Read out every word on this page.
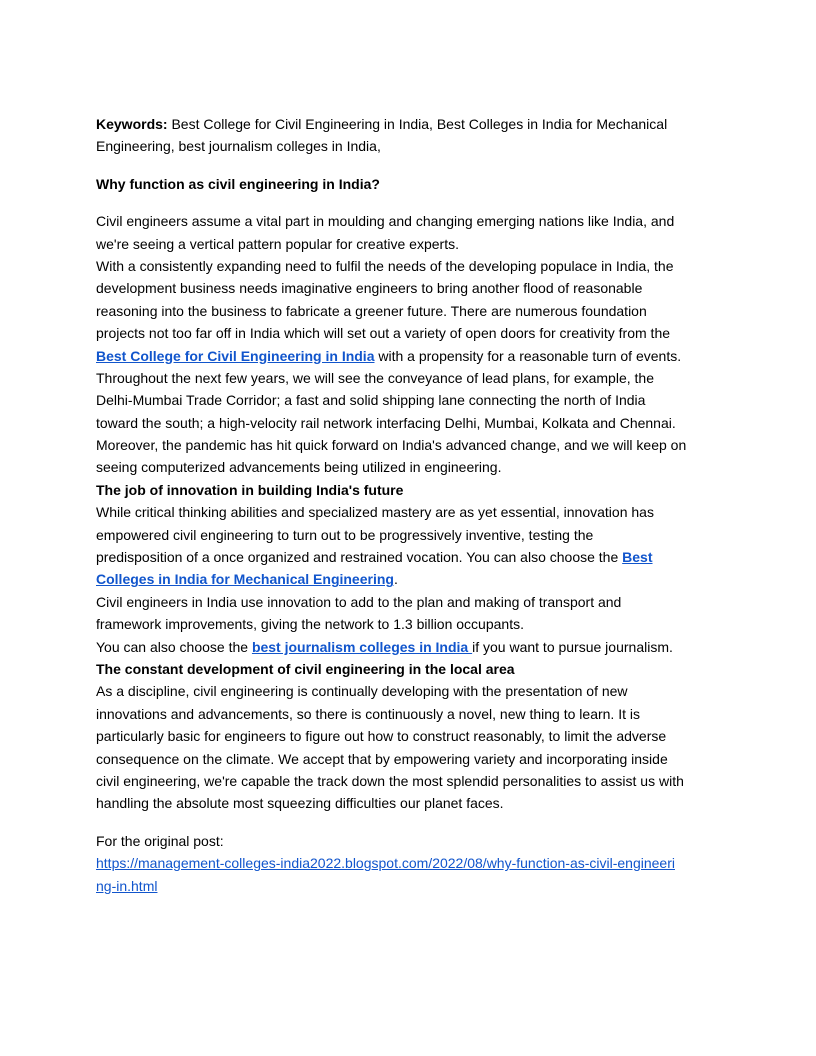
Keywords: Best College for Civil Engineering in India, Best Colleges in India for Mechanical
Engineering, best journalism colleges in India,
Why function as civil engineering in India?
Civil engineers assume a vital part in moulding and changing emerging nations like India, and
we're seeing a vertical pattern popular for creative experts.
With a consistently expanding need to fulfil the needs of the developing populace in India, the
development business needs imaginative engineers to bring another flood of reasonable
reasoning into the business to fabricate a greener future. There are numerous foundation
projects not too far off in India which will set out a variety of open doors for creativity from the
Best College for Civil Engineering in India with a propensity for a reasonable turn of events.
Throughout the next few years, we will see the conveyance of lead plans, for example, the
Delhi-Mumbai Trade Corridor; a fast and solid shipping lane connecting the north of India
toward the south; a high-velocity rail network interfacing Delhi, Mumbai, Kolkata and Chennai.
Moreover, the pandemic has hit quick forward on India's advanced change, and we will keep on
seeing computerized advancements being utilized in engineering.
The job of innovation in building India's future
While critical thinking abilities and specialized mastery are as yet essential, innovation has
empowered civil engineering to turn out to be progressively inventive, testing the
predisposition of a once organized and restrained vocation. You can also choose the Best
Colleges in India for Mechanical Engineering.
Civil engineers in India use innovation to add to the plan and making of transport and
framework improvements, giving the network to 1.3 billion occupants.
You can also choose the best journalism colleges in India if you want to pursue journalism.
The constant development of civil engineering in the local area
As a discipline, civil engineering is continually developing with the presentation of new
innovations and advancements, so there is continuously a novel, new thing to learn. It is
particularly basic for engineers to figure out how to construct reasonably, to limit the adverse
consequence on the climate. We accept that by empowering variety and incorporating inside
civil engineering, we're capable the track down the most splendid personalities to assist us with
handling the absolute most squeezing difficulties our planet faces.
For the original post:
https://management-colleges-india2022.blogspot.com/2022/08/why-function-as-civil-engineeri
ng-in.html
